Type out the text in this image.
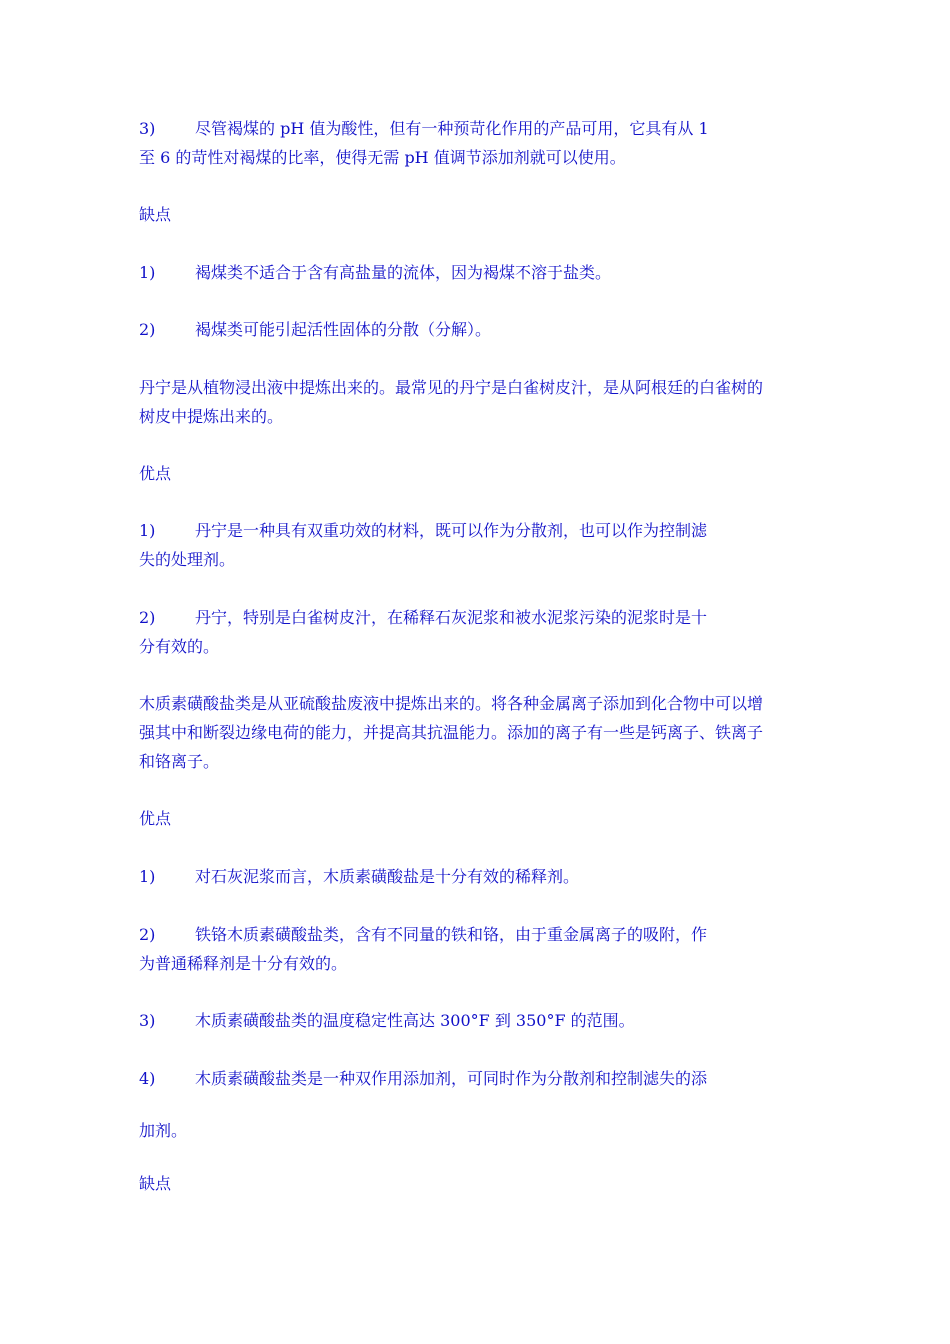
3) 尽管褐煤的 pH 值为酸性，但有一种预苛化作用的产品可用，它具有从 1
至 6 的苛性对褐煤的比率，使得无需 pH 值调节添加剂就可以使用。
缺点
1) 褐煤类不适合于含有高盐量的流体，因为褐煤不溶于盐类。
2) 褐煤类可能引起活性固体的分散（分解）。
丹宁是从植物浸出液中提炼出来的。最常见的丹宁是白雀树皮汁，是从阿根廷的白雀树的
树皮中提炼出来的。
优点
1) 丹宁是一种具有双重功效的材料，既可以作为分散剂，也可以作为控制滤
失的处理剂。
2) 丹宁，特别是白雀树皮汁，在稀释石灰泥浆和被水泥浆污染的泥浆时是十
分有效的。
木质素磺酸盐类是从亚硫酸盐废液中提炼出来的。将各种金属离子添加到化合物中可以增
强其中和断裂边缘电荷的能力，并提高其抗温能力。添加的离子有一些是钙离子、铁离子
和铬离子。
优点
1) 对石灰泥浆而言，木质素磺酸盐是十分有效的稀释剂。
2) 铁铬木质素磺酸盐类，含有不同量的铁和铬，由于重金属离子的吸附，作
为普通稀释剂是十分有效的。
3) 木质素磺酸盐类的温度稳定性高达 300°F 到 350°F 的范围。
4) 木质素磺酸盐类是一种双作用添加剂，可同时作为分散剂和控制滤失的添
加剂。
缺点
